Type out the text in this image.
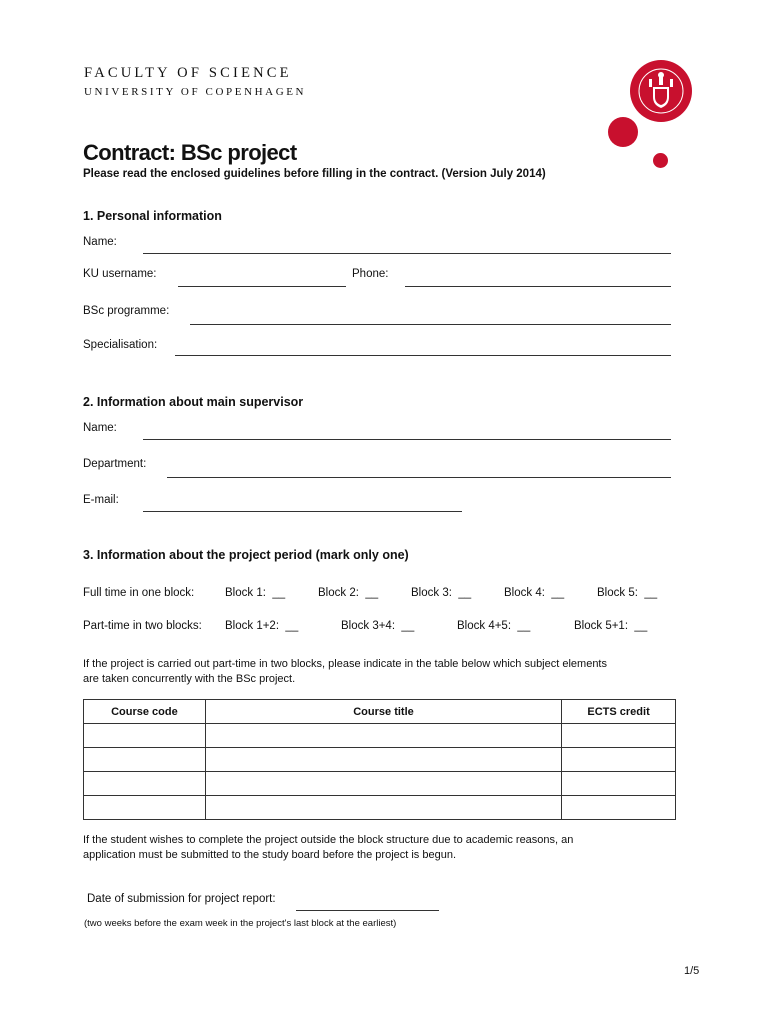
FACULTY OF SCIENCE
UNIVERSITY OF COPENHAGEN
Contract: BSc project
Please read the enclosed guidelines before filling in the contract. (Version July 2014)
1. Personal information
Name:
KU username:	Phone:
BSc programme:
Specialisation:
2. Information about main supervisor
Name:
Department:
E-mail:
3. Information about the project period (mark only one)
Full time in one block:	Block 1: __	Block 2: __	Block 3: __	Block 4: __	Block 5: __
Part-time in two blocks: Block 1+2: __	Block 3+4: __	Block 4+5: __	Block 5+1: __
If the project is carried out part-time in two blocks, please indicate in the table below which subject elements
are taken concurrently with the BSc project.
Course code	Course title	ECTS credit

If the student wishes to complete the project outside the block structure due to academic reasons, an
application must be submitted to the study board before the project is begun.
Date of submission for project report:
(two weeks before the exam week in the project's last block at the earliest)
1/5
